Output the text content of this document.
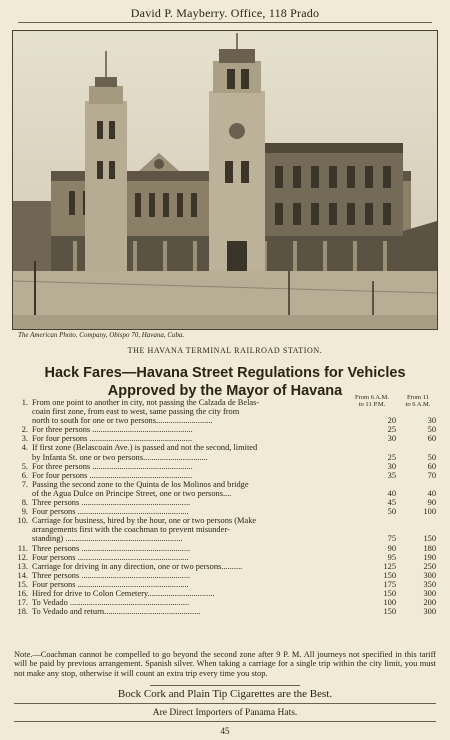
David P. Mayberry. Office, 118 Prado
The American Photo. Company, Obispo 70, Havana, Cuba.
THE HAVANA TERMINAL RAILROAD STATION.
Hack Fares—Havana Street Regulations for Vehicles
Approved by the Mayor of Havana	From 6 A.M.
to 11 P.M.
From 11
to 6 A.M.
1. From one point to another in city, not passing the Calzada de Belas-
coain first zone, from east to west, same passing the city from
north to south for one or two persons...........................	20	30
2. For three persons ................................................	25	50
3. For four persons .................................................	30	60
4. If first zone (Belascoain Ave.) is passed and not the second, limited
by Infanta St. one or two persons...............................	25	50
5. For three persons ................................................	30	60
6. For four persons .................................................	35	70
7. Passing the second zone to the Quinta de los Molinos and bridge
of the Agua Dulce on Principe Street, one or two persons....	40	40
8. Three persons ....................................................	45	90
9. Four persons .....................................................	50	100
10. Carriage for business, hired by the hour, one or two persons (Make
arrangements first with the coachman to prevent misunder-
standing) ........................................................	75	150
11. Three persons ....................................................	90	180
12. Four persons .....................................................	95	190
13. Carriage for driving in any direction, one or two persons..........	125	250
14. Three persons ....................................................	150	300
15. Four persons .....................................................	175	350
16. Hired for drive to Colon Cemetery................................	150	300
17. To Vedado .........................................................	100	200
18. To Vedado and return..............................................	150	300
Note.—Coachman cannot be compelled to go beyond the second zone after 9 P. M. All journeys not specified in this tariff will be paid by previous arrangement. Spanish silver. When taking a carriage for a single trip within the city limit, you must not make any stop, otherwise it will count an extra trip every time you stop.
Bock Cork and Plain Tip Cigarettes are the Best.
Are Direct Importers of Panama Hats.
45
